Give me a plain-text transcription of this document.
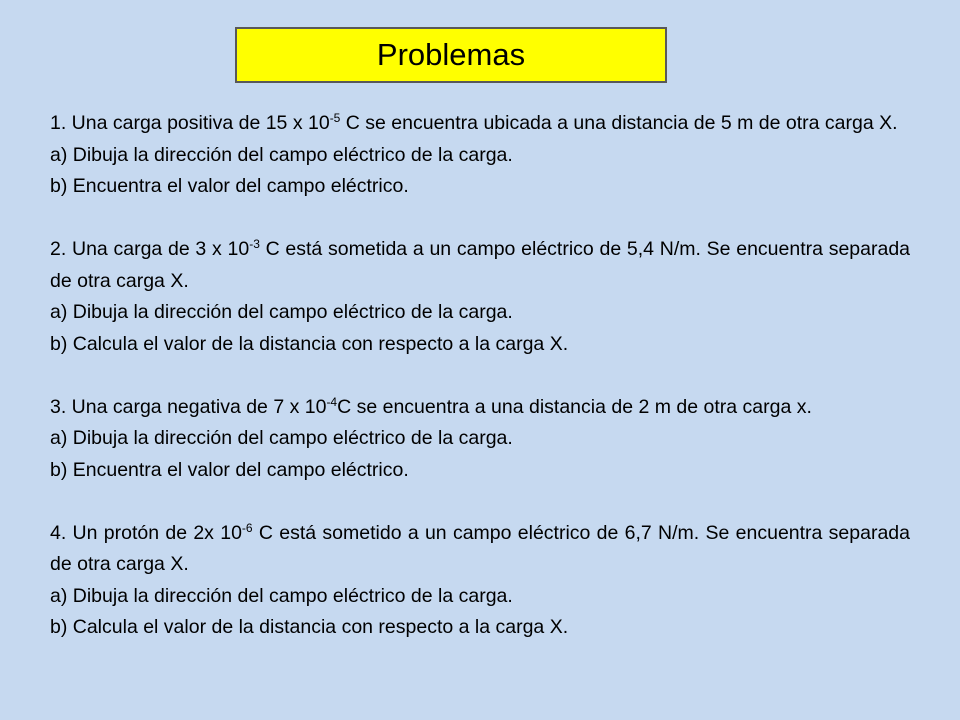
Problemas

1. Una carga positiva de 15 x $10^{-5}$ C se encuentra ubicada a una distancia de 5 m de otra carga X.

a) Dibuja la dirección del campo eléctrico de la carga.

b) Encuentra el valor del campo eléctrico.

2. Una carga de 3 x $10^{-3}$ C está sometida a un campo eléctrico de 5,4 N/m. Se encuentra separada de otra carga X.

a) Dibuja la dirección del campo eléctrico de la carga.

b) Calcula el valor de la distancia con respecto a la carga X.

3. Una carga negativa de 7 x $10^{-4}C$ se encuentra a una distancia de 2 m de otra carga x.

a) Dibuja la dirección del campo eléctrico de la carga.

b) Encuentra el valor del campo eléctrico.

4. Un protón de 2x $10^{-6}$ C está sometido a un campo eléctrico de 6,7 N/m. Se encuentra separada de otra carga X.

a) Dibuja la dirección del campo eléctrico de la carga.

b) Calcula el valor de la distancia con respecto a la carga X.
